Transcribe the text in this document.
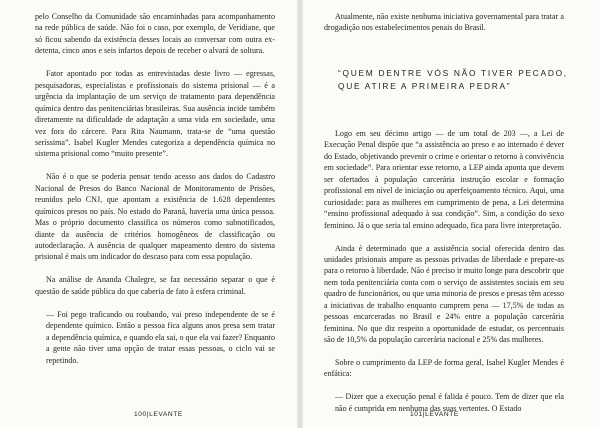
pelo Conselho da Comunidade são encaminhadas para acompanhamento na rede pública de saúde. Não foi o caso, por exemplo, de Veridiane, que só ficou sabendo da existência desses locais ao conversar com outra ex-detenta, cinco anos e seis infartos depois de receber o alvará de soltura.

Fator apontado por todas as entrevistadas deste livro — egressas, pesquisadoras, especialistas e profissionais do sistema prisional — é a urgência da implantação de um serviço de tratamento para dependência química dentro das penitenciárias brasileiras. Sua ausência incide também diretamente na dificuldade de adaptação a uma vida em sociedade, uma vez fora do cárcere. Para Rita Naumann, trata-se de “uma questão seríssima”. Isabel Kugler Mendes categoriza a dependência química no sistema prisional como “muito presente”.

Não é o que se poderia pensar tendo acesso aos dados do Cadastro Nacional de Presos do Banco Nacional de Monitoramento de Prisões, reunidos pelo CNJ, que apontam a existência de 1.628 dependentes químicos presos no país. No estado do Paraná, haveria uma única pessoa. Mas o próprio documento classifica os números como subnotificados, diante da ausência de critérios homogêneos de classificação ou autodeclaração. A ausência de qualquer mapeamento dentro do sistema prisional é mais um indicador do descaso para com essa população.

Na análise de Ananda Chalegre, se faz necessário separar o que é questão de saúde pública do que caberia de fato à esfera criminal.

— Foi pego traficando ou roubando, vai preso independente de se é dependente químico. Então a pessoa fica alguns anos presa sem tratar a dependência química, e quando ela sai, o que ela vai fazer? Enquanto a gente não tiver uma opção de tratar essas pessoas, o ciclo vai se repetindo.

100|LEVANTE

Atualmente, não existe nenhuma iniciativa governamental para tratar a drogadição nos estabelecimentos penais do Brasil.

“QUEM DENTRE VÓS NÃO TIVER PECADO, QUE ATIRE A PRIMEIRA PEDRA”

Logo em seu décimo artigo — de um total de 203 —, a Lei de Execução Penal dispõe que “a assistência ao preso e ao internado é dever do Estado, objetivando prevenir o crime e orientar o retorno à convivência em sociedade”. Para orientar esse retorno, a LEP ainda aponta que devem ser ofertados à população carcerária instrução escolar e formação profissional em nível de iniciação ou aperfeiçoamento técnico. Aqui, uma curiosidade: para as mulheres em cumprimento de pena, a Lei determina “ensino profissional adequado à sua condição”. Sim, a condição do sexo feminino. Já o que seria tal ensino adequado, fica para livre interpretação.

Ainda é determinado que a assistência social oferecida dentro das unidades prisionais ampare as pessoas privadas de liberdade e prepare-as para o retorno à liberdade. Não é preciso ir muito longe para descobrir que nem toda penitenciária conta com o serviço de assistentes sociais em seu quadro de funcionários, ou que uma minoria de presos e presas têm acesso a iniciativas de trabalho enquanto cumprem pena — 17,5% de todas as pessoas encarceradas no Brasil e 24% entre a população carcerária feminina. No que diz respeito a oportunidade de estudar, os percentuais são de 10,5% da população carcerária nacional e 25% das mulheres.

Sobre o cumprimento da LEP de forma geral, Isabel Kugler Mendes é enfática:

— Dizer que a execução penal é falida é pouco. Tem de dizer que ela não é cumprida em nenhuma das suas vertentes. O Estado

101|LEVANTE
